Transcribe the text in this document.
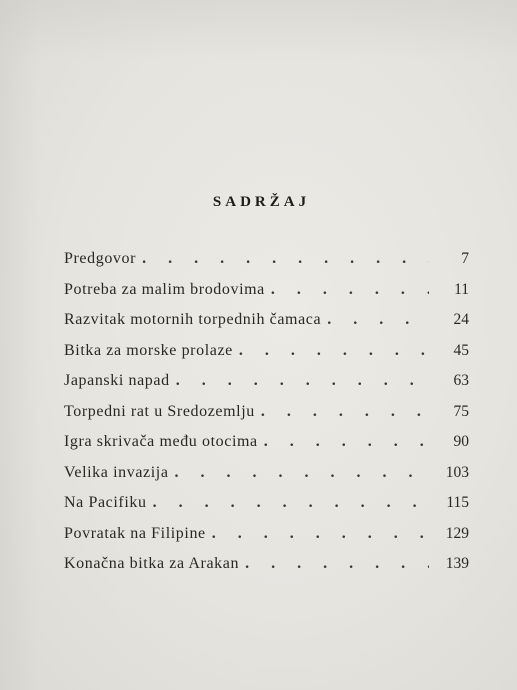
SADRŽAJ
Predgovor . . .	7
Potreba za malim brodovima . . .	11
Razvitak motornih torpednih čamaca . . .	24
Bitka za morske prolaze . . .	45
Japanski napad . . .	63
Torpedni rat u Sredozemlju . . .	75
Igra skrivača među otocima . . .	90
Velika invazija . . .	103
Na Pacifiku . . .	115
Povratak na Filipine . . .	129
Konačna bitka za Arakan . . .	139
